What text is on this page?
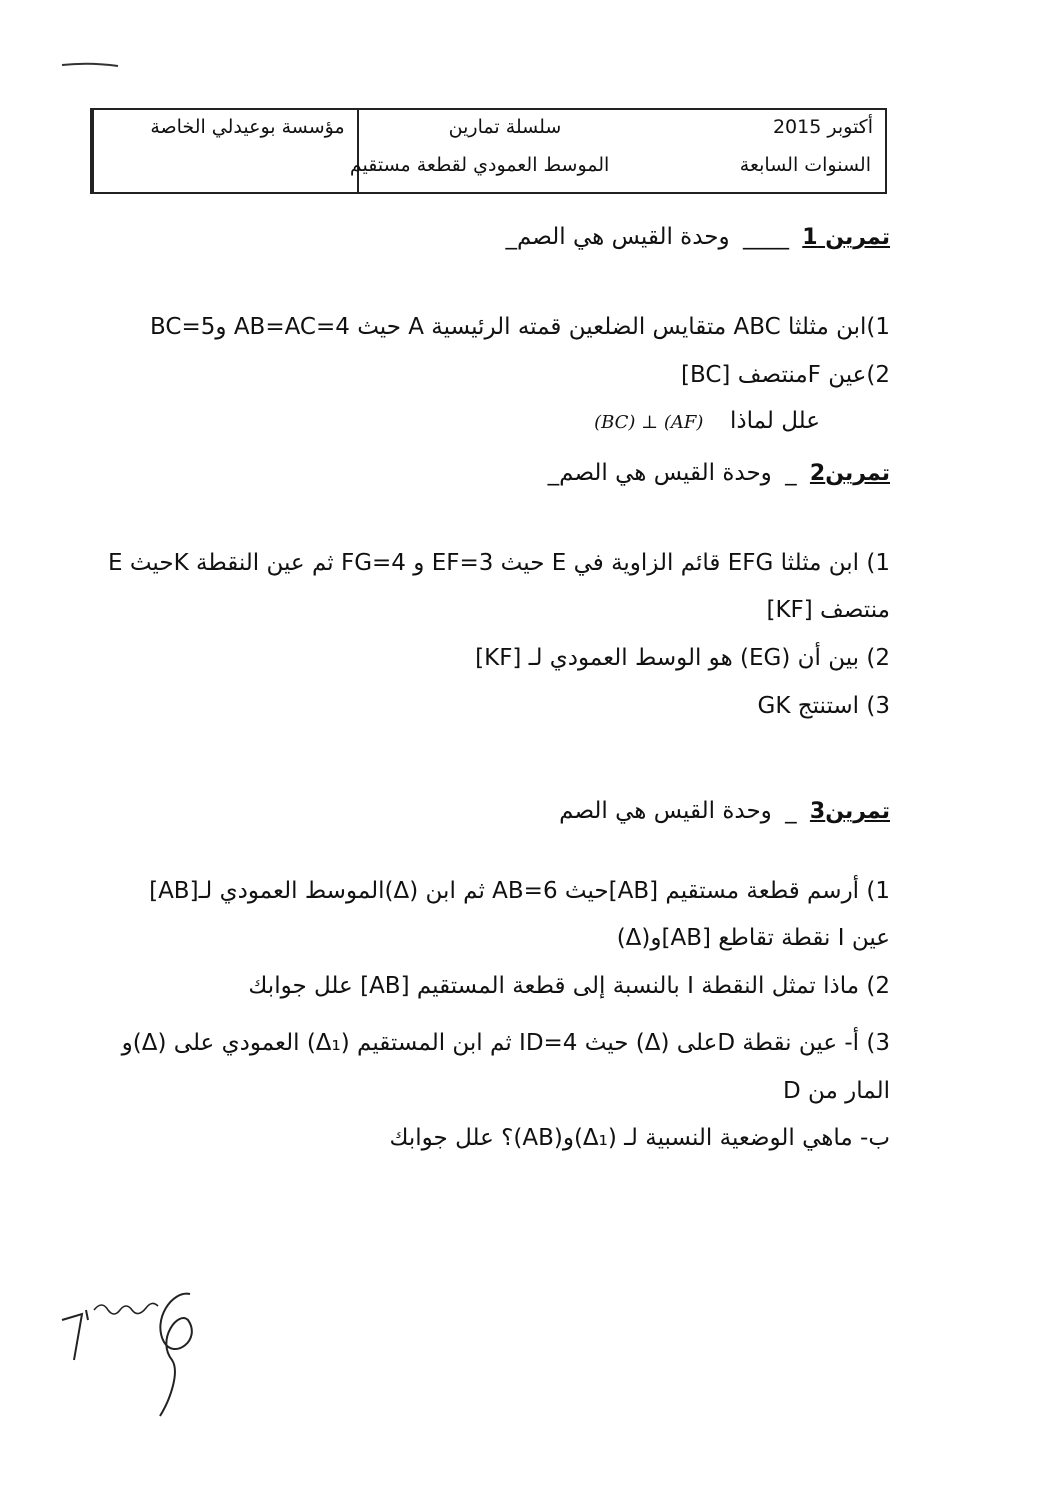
مؤسسة بوعيدلي الخاصة	سلسلة تمارين
الموسط العمودي لقطعة مستقيم
أكتوبر 2015
السنوات السابعة
تمرين 1 ____ وحدة القيس هي الصم_
1)ابن مثلثا ABC متقايس الضلعين قمته الرئيسية A حيث AB=AC=4 وBC=5
2)عين Fمنتصف [BC]
علل لماذا  (BC) ⊥ (AF)
تمرين2 _ وحدة القيس هي الصم_
1) ابن مثلثا EFG قائم الزاوية في E حيث EF=3 و FG=4 ثم عين النقطة Kحيث E
منتصف [KF]
2) بين أن (EG) هو الوسط العمودي لـ [KF]
3) استنتج GK
تمرين3 _ وحدة القيس هي الصم
1) أرسم قطعة مستقيم [AB]حيث AB=6 ثم ابن (Δ)الموسط العمودي لـ[AB]
عين I نقطة تقاطع [AB]و(Δ)
2) ماذا تمثل النقطة I بالنسبة إلى قطعة المستقيم [AB] علل جوابك
3) أ- عين نقطة Dعلى (Δ) حيث ID=4 ثم ابن المستقيم (Δ₁) العمودي على (Δ)و
المار من D
ب- ماهي الوضعية النسبية لـ (Δ₁)و(AB)؟ علل جوابك
